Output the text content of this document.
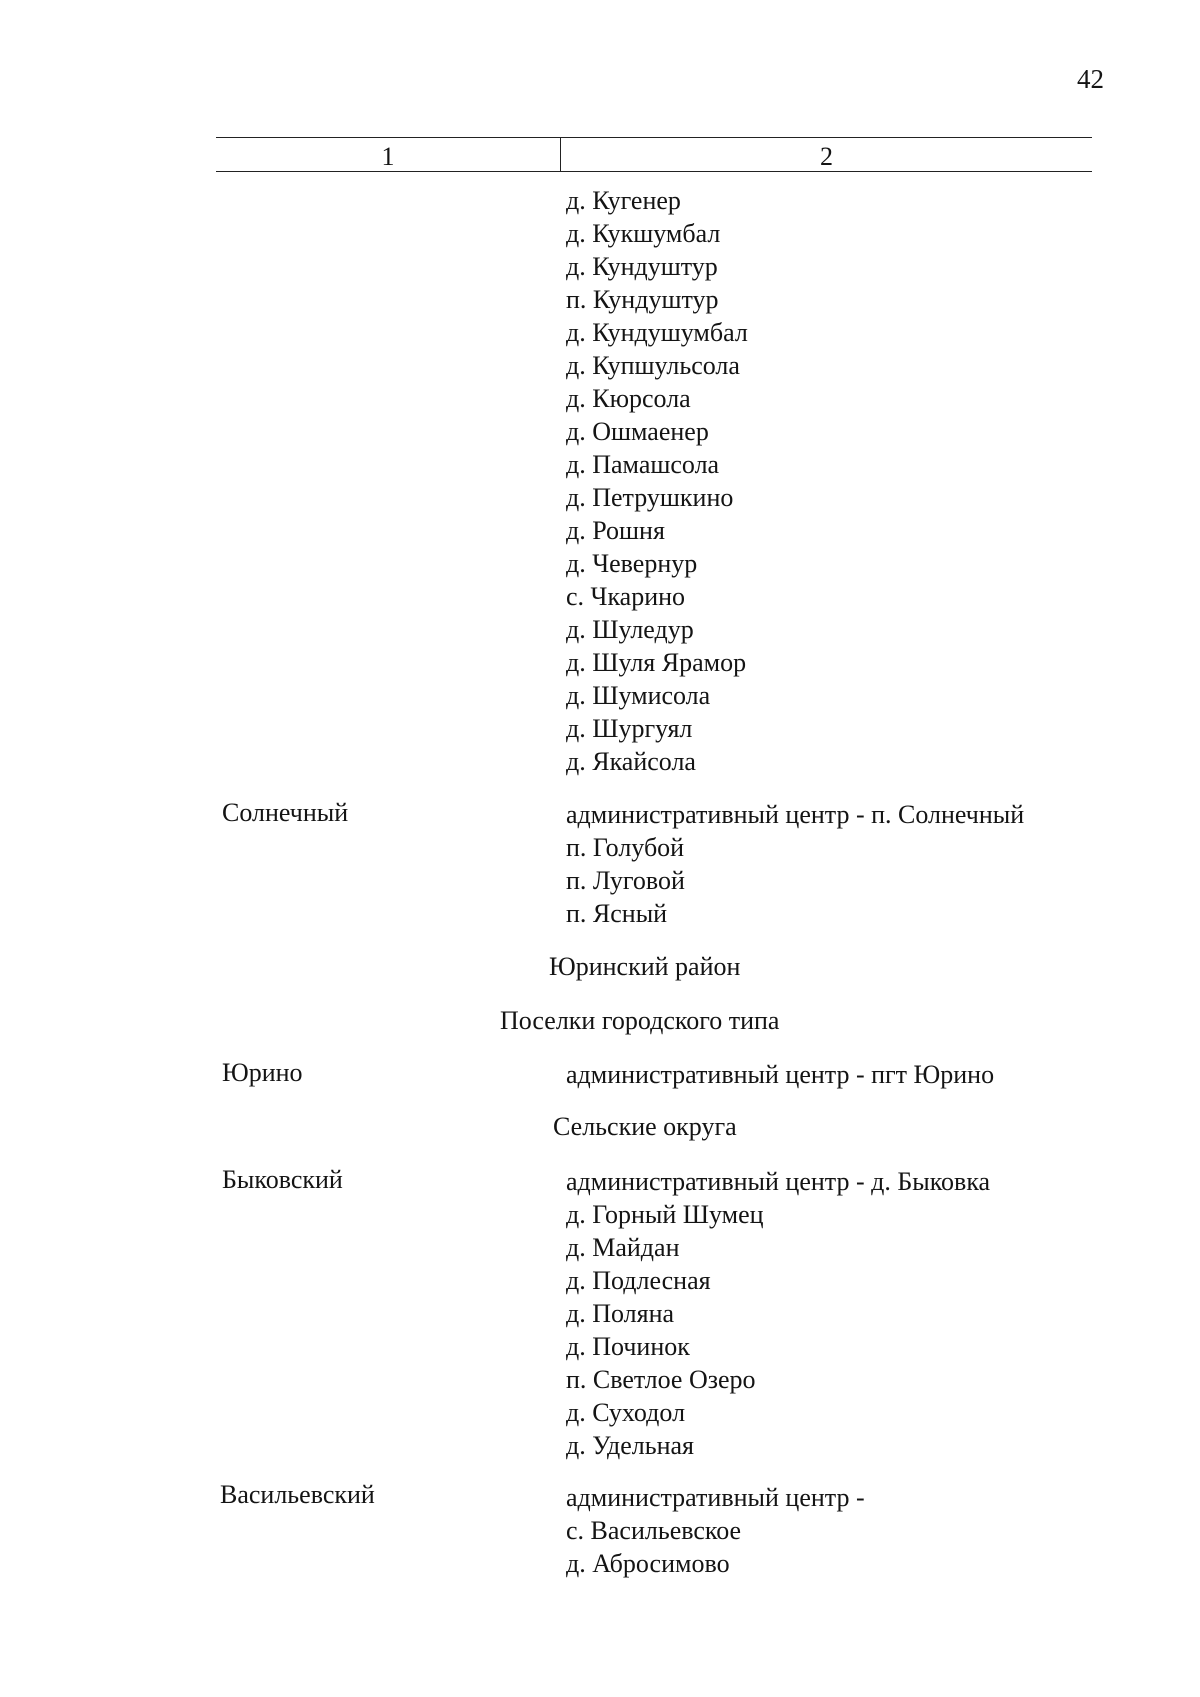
42
1	2
д. Кугенер
д. Кукшумбал
д. Кундуштур
п. Кундуштур
д. Кундушумбал
д. Купшульсола
д. Кюрсола
д. Ошмаенер
д. Памашсола
д. Петрушкино
д. Рошня
д. Чевернур
с. Чкарино
д. Шуледур
д. Шуля Ярамор
д. Шумисола
д. Шургуял
д. Якайсола
Солнечный	административный центр - п. Солнечный
п. Голубой
п. Луговой
п. Ясный
Юринский район
Поселки городского типа
Юрино	административный центр - пгт Юрино
Сельские округа
Быковский	административный центр - д. Быковка
д. Горный Шумец
д. Майдан
д. Подлесная
д. Поляна
д. Починок
п. Светлое Озеро
д. Суходол
д. Удельная
Васильевский	административный центр -
с. Васильевское
д. Абросимово
